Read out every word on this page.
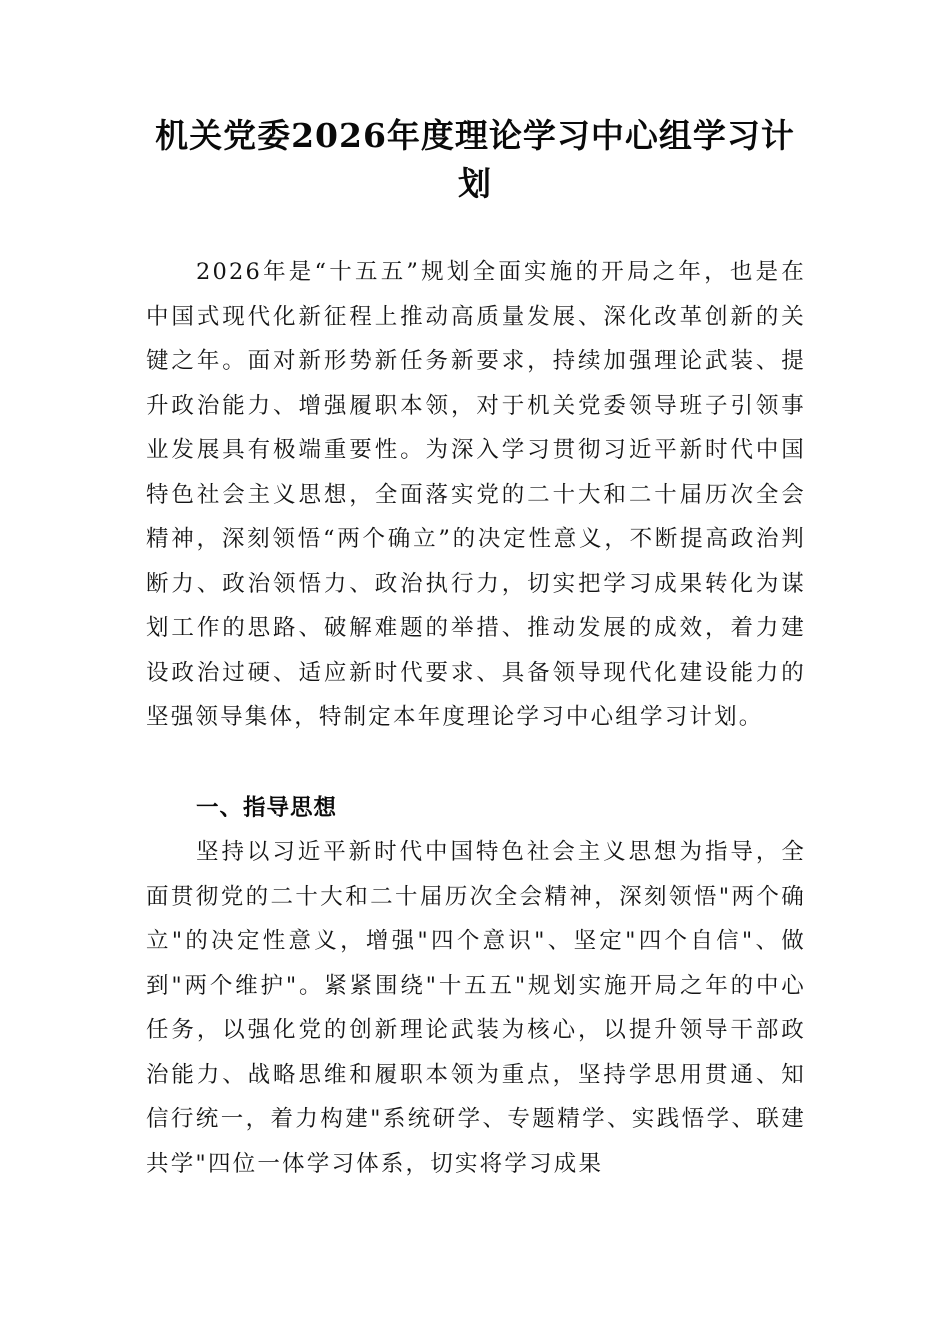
机关党委2026年度理论学习中心组学习计划

2026年是“十五五”规划全面实施的开局之年，也是在中国式现代化新征程上推动高质量发展、深化改革创新的关键之年。面对新形势新任务新要求，持续加强理论武装、提升政治能力、增强履职本领，对于机关党委领导班子引领事业发展具有极端重要性。为深入学习贯彻习近平新时代中国特色社会主义思想，全面落实党的二十大和二十届历次全会精神，深刻领悟“两个确立”的决定性意义，不断提高政治判断力、政治领悟力、政治执行力，切实把学习成果转化为谋划工作的思路、破解难题的举措、推动发展的成效，着力建设政治过硬、适应新时代要求、具备领导现代化建设能力的坚强领导集体，特制定本年度理论学习中心组学习计划。

一、指导思想

坚持以习近平新时代中国特色社会主义思想为指导，全面贯彻党的二十大和二十届历次全会精神，深刻领悟"两个确立"的决定性意义，增强"四个意识"、坚定"四个自信"、做到"两个维护"。紧紧围绕"十五五"规划实施开局之年的中心任务，以强化党的创新理论武装为核心，以提升领导干部政治能力、战略思维和履职本领为重点，坚持学思用贯通、知信行统一，着力构建"系统研学、专题精学、实践悟学、联建共学"四位一体学习体系，切实将学习成果
